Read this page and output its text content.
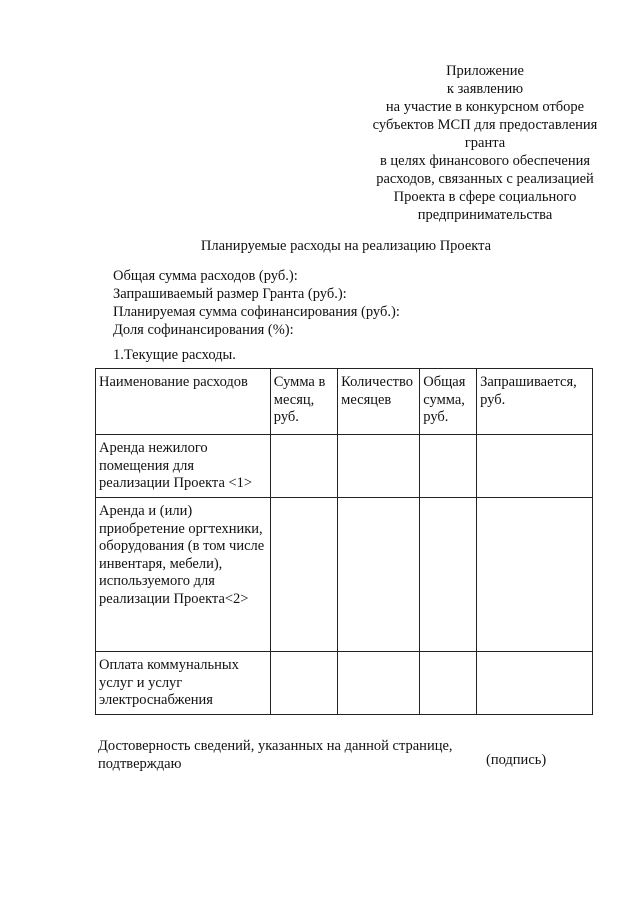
Приложение
к заявлению
на участие в конкурсном отборе
субъектов МСП для предоставления
гранта
в целях финансового обеспечения
расходов, связанных с реализацией
Проекта в сфере социального
предпринимательства
Планируемые расходы на реализацию Проекта
Общая сумма расходов (руб.):
Запрашиваемый размер Гранта (руб.):
Планируемая сумма софинансирования (руб.):
Доля софинансирования (%):
1.Текущие расходы.
Наименование расходов	Сумма в месяц, руб.	Количество месяцев	Общая сумма, руб.	Запрашивается, руб.
Аренда нежилого помещения для реализации Проекта <1>				
Аренда и (или) приобретение оргтехники, оборудования (в том числе инвентаря, мебели), используемого для реализации Проекта<2>				
Оплата коммунальных услуг и услуг электроснабжения				
Достоверность сведений, указанных на данной странице,
подтверждаю	(подпись)
